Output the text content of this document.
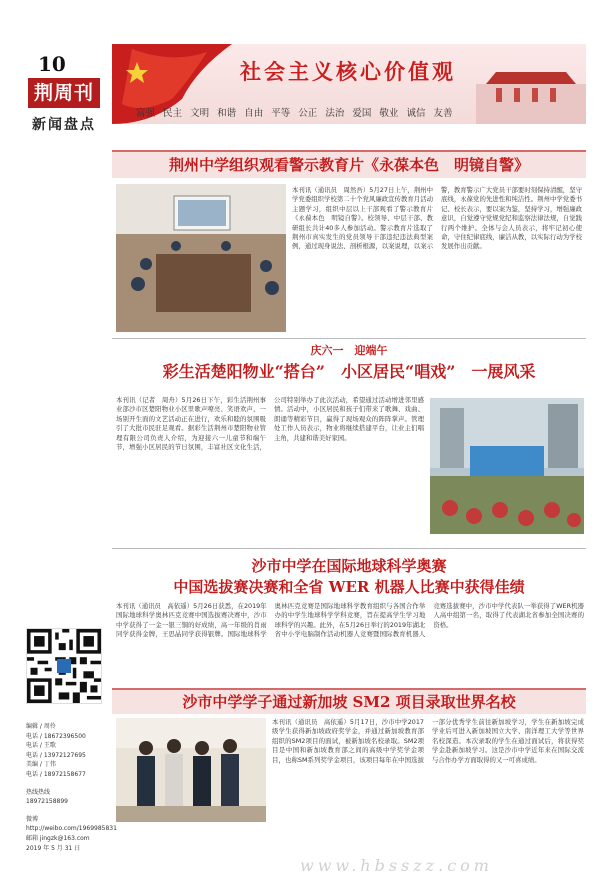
10
荆周刊
新闻盘点
编辑 / 周伶
电话 / 18672396500
电话 / 王歌
电话 / 13972127695
美编 / 丁伟
电话 / 18972158677
热线热线
18972158899
微博
http://weibo.com/1969985831
邮箱 jingzk@163.com
2019 年 5 月 31 日
社会主义核心价值观
富强 民主 文明 和谐 自由 平等 公正 法治 爱国 敬业 诚信 友善
荆州中学组织观看警示教育片《永葆本色　明镜自警》
本刊讯（通讯员　周然吾）5月27日上午，荆州中学党委组织学校第二十个党风廉政宣传教育月活动主题学习，组织中层以上干部观看了警示教育片《永葆本色　明镜自警》。校领导、中层干部、教研组长共计40多人参加活动。警示教育片选取了荆州市真实发生的党员领导干部违纪违法典型案例，通过现身说法、剖析根源，以案说理，以案示警，教育警示广大党员干部要时刻保持清醒，坚守底线，永葆党的先进性和纯洁性。荆州中学党委书记、校长表示，要以案为鉴，坚持学习，增强廉政意识，自觉遵守党规党纪和监察法律法规，自觉践行两个维护。全体与会人员表示，将牢记初心使命，守住纪律底线，廉洁从教，以实际行动为学校发展作出贡献。
庆六一　迎端午
彩生活楚阳物业“搭台”　小区居民“唱戏”　一展风采
本刊讯（记者　周舟）5月26日下午，彩生活荆州事业部沙市区楚阳物业小区里歌声嘹亮、笑语欢声，一场别开生面的文艺活动正在进行，欢乐和睦的氛围吸引了大批市民驻足观看。据彩生活荆州市楚阳物业管理有限公司负责人介绍，为迎接六一儿童节和端午节，增强小区居民的节日氛围，丰富社区文化生活，公司特别举办了此次活动，希望通过活动增进邻里感情。活动中，小区居民和孩子们带来了歌舞、戏曲、朗诵等精彩节目，赢得了现场观众的阵阵掌声。管理处工作人员表示，物业将继续搭建平台，让业主们唱主角，共建和谐美好家园。
沙市中学在国际地球科学奥赛
中国选拔赛决赛和全省 WER 机器人比赛中获得佳绩
本刊讯（通讯员　高依遥）5月26日获悉，在2019年国际地球科学奥林匹克竞赛中国选拔赛决赛中，沙市中学获得了一金一银三铜的好成绩，高一年级的肖雨同学获得金牌，王思晶同学获得银牌。国际地球科学奥林匹克竞赛是国际地球科学教育组织与各国合作举办的中学生地球科学学科竞赛，旨在提高学生学习地球科学的兴趣。此外，在5月26日举行的2019年湖北省中小学电脑制作活动机器人竞赛暨国际教育机器人竞赛选拔赛中，沙市中学代表队一举获得了WER机器人高中组第一名，取得了代表湖北省参加全国决赛的资格。
沙市中学学子通过新加坡 SM2 项目录取世界名校
本刊讯（通讯员　高依遥）5月17日，沙市中学2017级学生获得新加坡政府奖学金，并通过新加坡教育部组织的SM2项目的面试，被新加坡名校录取。SM2项目是中国和新加坡教育部之间的高级中学奖学金项目，也称SM系列奖学金项目，该项目每年在中国选拔一部分优秀学生前往新加坡学习，学生在新加坡完成学业后可进入新加坡国立大学、南洋理工大学等世界名校深造。本次录取的学生在通过面试后，将获得奖学金赴新加坡学习。这是沙市中学近年来在国际交流与合作办学方面取得的又一可喜成绩。
www.hbsszz.com
